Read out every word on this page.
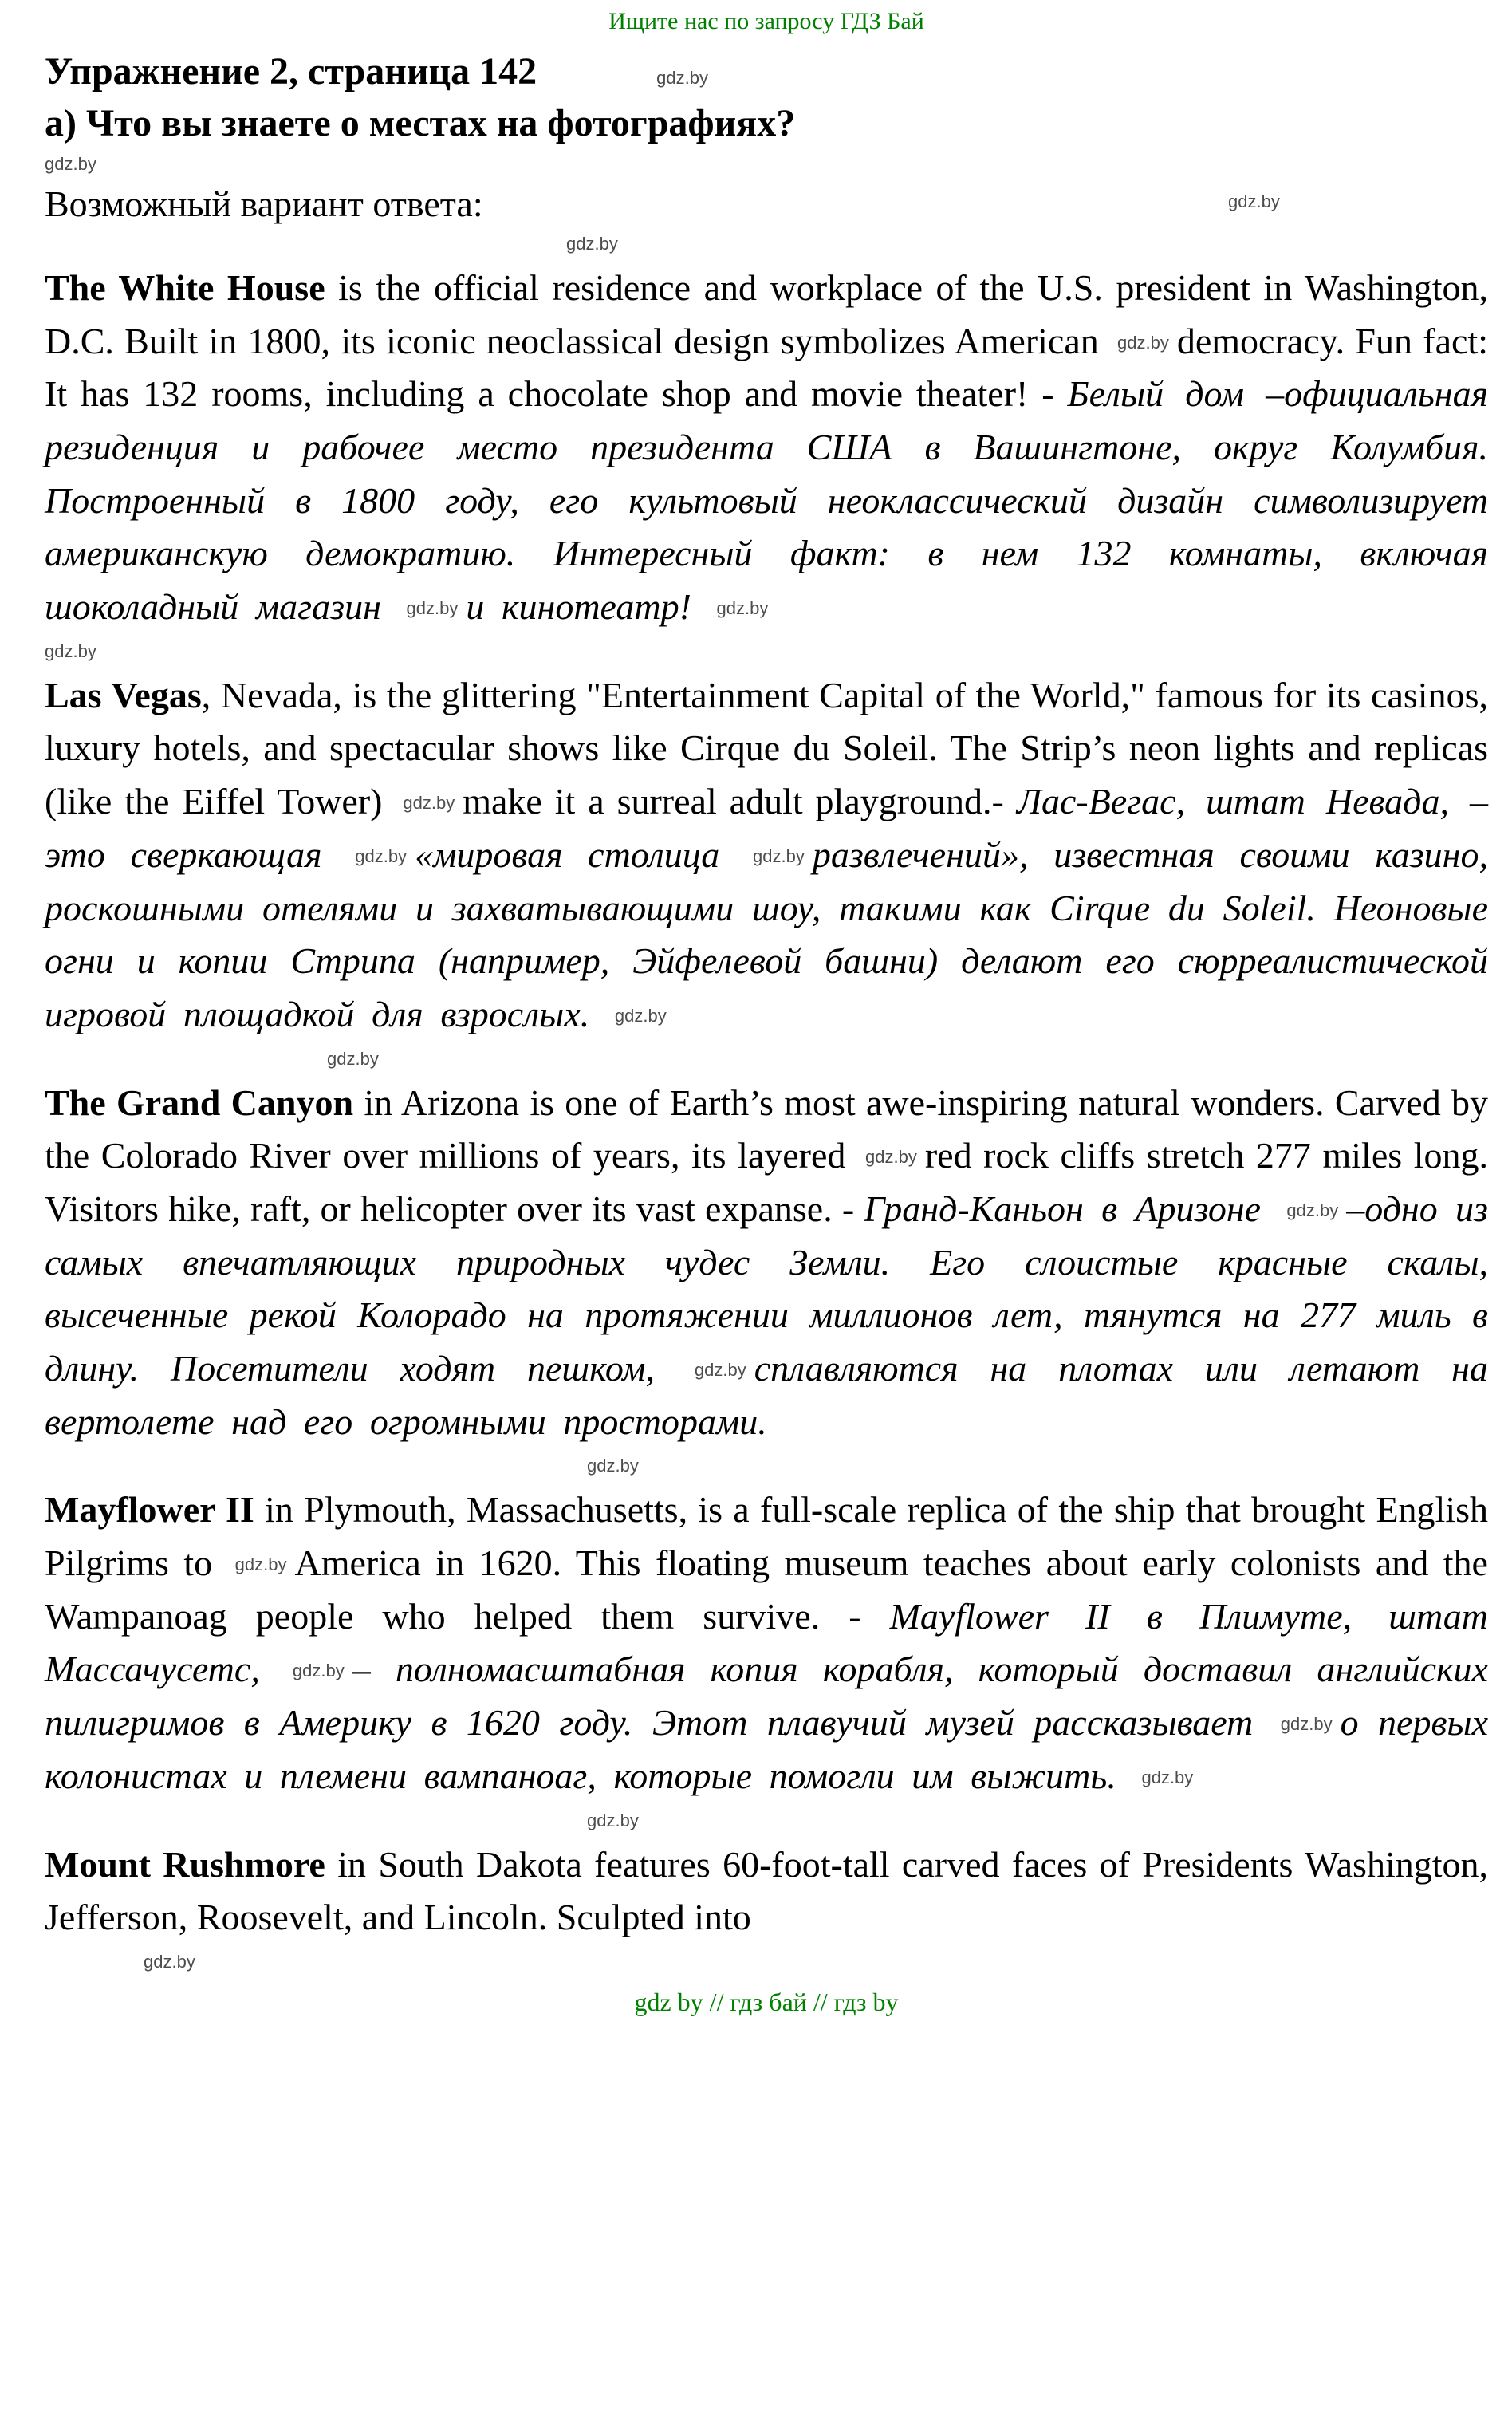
Ищите нас по запросу ГДЗ Бай
Упражнение 2, страница 142	gdz.by
а) Что вы знаете о местах на фотографиях?
gdz.by
Возможный вариант ответа:	gdz.by
gdz.by

The White House is the official residence and workplace of the U.S. president in Washington, D.C. Built in 1800, its iconic neoclassical design symbolizes American gdz.by democracy. Fun fact: It has 132 rooms, including a chocolate shop and movie theater! - Белый дом –официальная резиденция и рабочее место президента США в Вашингтоне, округ Колумбия. Построенный в 1800 году, его культовый неоклассический дизайн символизирует американскую демократию. Интересный факт: в нем 132 комнаты, включая шоколадный магазин gdz.by и кинотеатр! gdz.by

gdz.by

Las Vegas, Nevada, is the glittering "Entertainment Capital of the World," famous for its casinos, luxury hotels, and spectacular shows like Cirque du Soleil. The Strip’s neon lights and replicas (like the Eiffel Tower) gdz.by make it a surreal adult playground.- Лас-Вегас, штат Невада, –это сверкающая gdz.by «мировая столица gdz.by развлечений», известная своими казино, роскошными отелями и захватывающими шоу, такими как Cirque du Soleil. Неоновые огни и копии Стрипа (например, Эйфелевой башни) делают его сюрреалистической игровой площадкой для взрослых. gdz.by

gdz.by

The Grand Canyon in Arizona is one of Earth’s most awe-inspiring natural wonders. Carved by the Colorado River over millions of years, its layered gdz.by red rock cliffs stretch 277 miles long. Visitors hike, raft, or helicopter over its vast expanse. - Гранд-Каньон в Аризоне gdz.by –одно из самых впечатляющих природных чудес Земли. Его слоистые красные скалы, высеченные рекой Колорадо на протяжении миллионов лет, тянутся на 277 миль в длину. Посетители ходят пешком, gdz.by сплавляются на плотах или летают на вертолете над его огромными просторами.

gdz.by

Mayflower II in Plymouth, Massachusetts, is a full-scale replica of the ship that brought English Pilgrims to gdz.by America in 1620. This floating museum teaches about early colonists and the Wampanoag people who helped them survive. - Mayflower II в Плимуте, штат Массачусетс, gdz.by – полномасштабная копия корабля, который доставил английских пилигримов в Америку в 1620 году. Этот плавучий музей рассказывает gdz.by о первых колонистах и племени вампаноаг, которые помогли им выжить. gdz.by

gdz.by

Mount Rushmore in South Dakota features 60-foot-tall carved faces of Presidents Washington, Jefferson, Roosevelt, and Lincoln. Sculpted into

gdz.by
gdz by // гдз бай // гдз by
